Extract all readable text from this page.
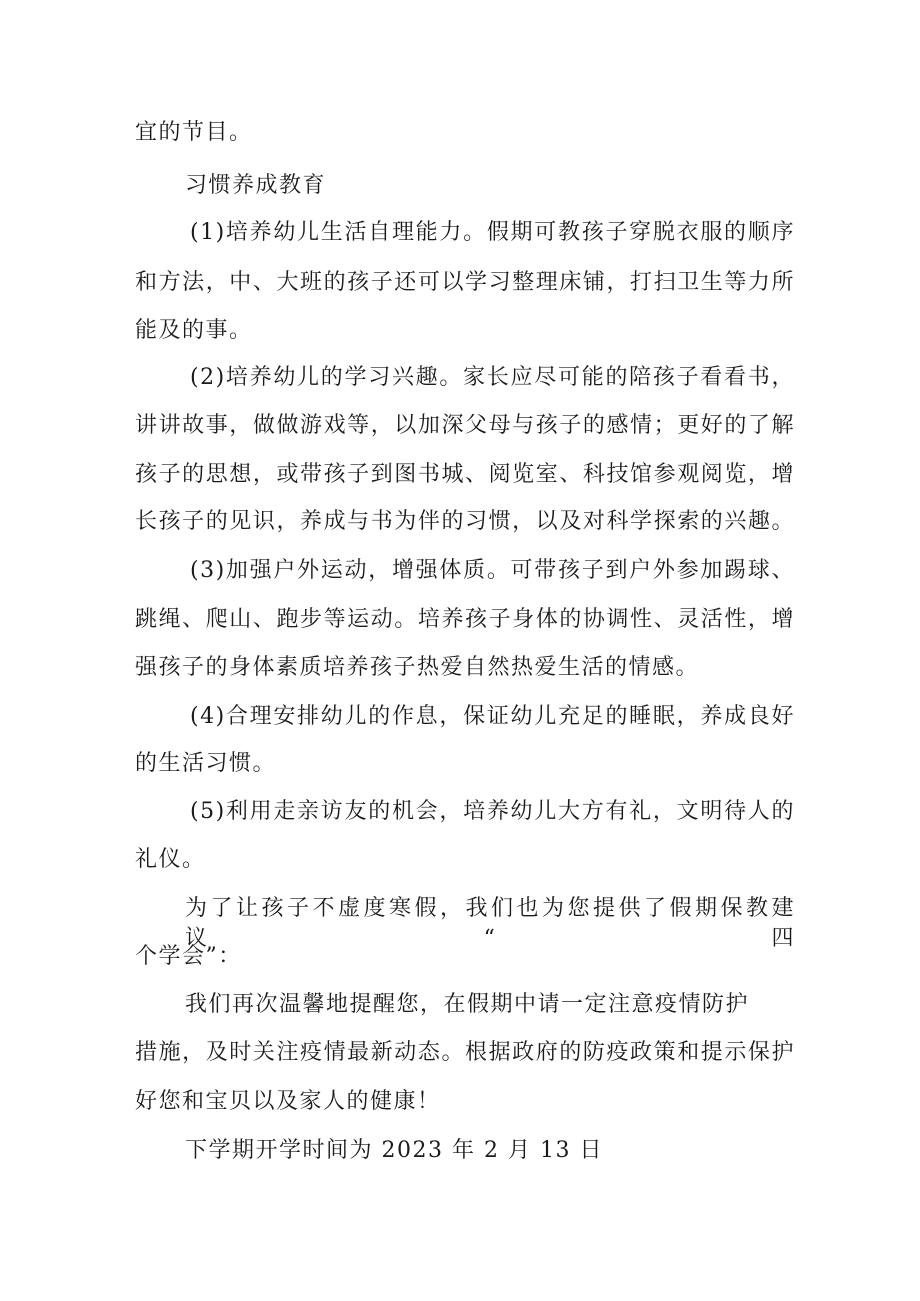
宜的节目。
习惯养成教育
(1)培养幼儿生活自理能力。假期可教孩子穿脱衣服的顺序
和方法，中、大班的孩子还可以学习整理床铺，打扫卫生等力所
能及的事。
(2)培养幼儿的学习兴趣。家长应尽可能的陪孩子看看书，
讲讲故事，做做游戏等，以加深父母与孩子的感情；更好的了解
孩子的思想，或带孩子到图书城、阅览室、科技馆参观阅览，增
长孩子的见识，养成与书为伴的习惯，以及对科学探索的兴趣。
(3)加强户外运动，增强体质。可带孩子到户外参加踢球、
跳绳、爬山、跑步等运动。培养孩子身体的协调性、灵活性，增
强孩子的身体素质培养孩子热爱自然热爱生活的情感。
(4)合理安排幼儿的作息，保证幼儿充足的睡眠，养成良好
的生活习惯。
(5)利用走亲访友的机会，培养幼儿大方有礼，文明待人的
礼仪。
为了让孩子不虚度寒假，我们也为您提供了假期保教建议“四
个学会”：
我们再次温馨地提醒您，在假期中请一定注意疫情防护
措施，及时关注疫情最新动态。根据政府的防疫政策和提示保护
好您和宝贝以及家人的健康！
下学期开学时间为 2023 年 2 月 13 日
